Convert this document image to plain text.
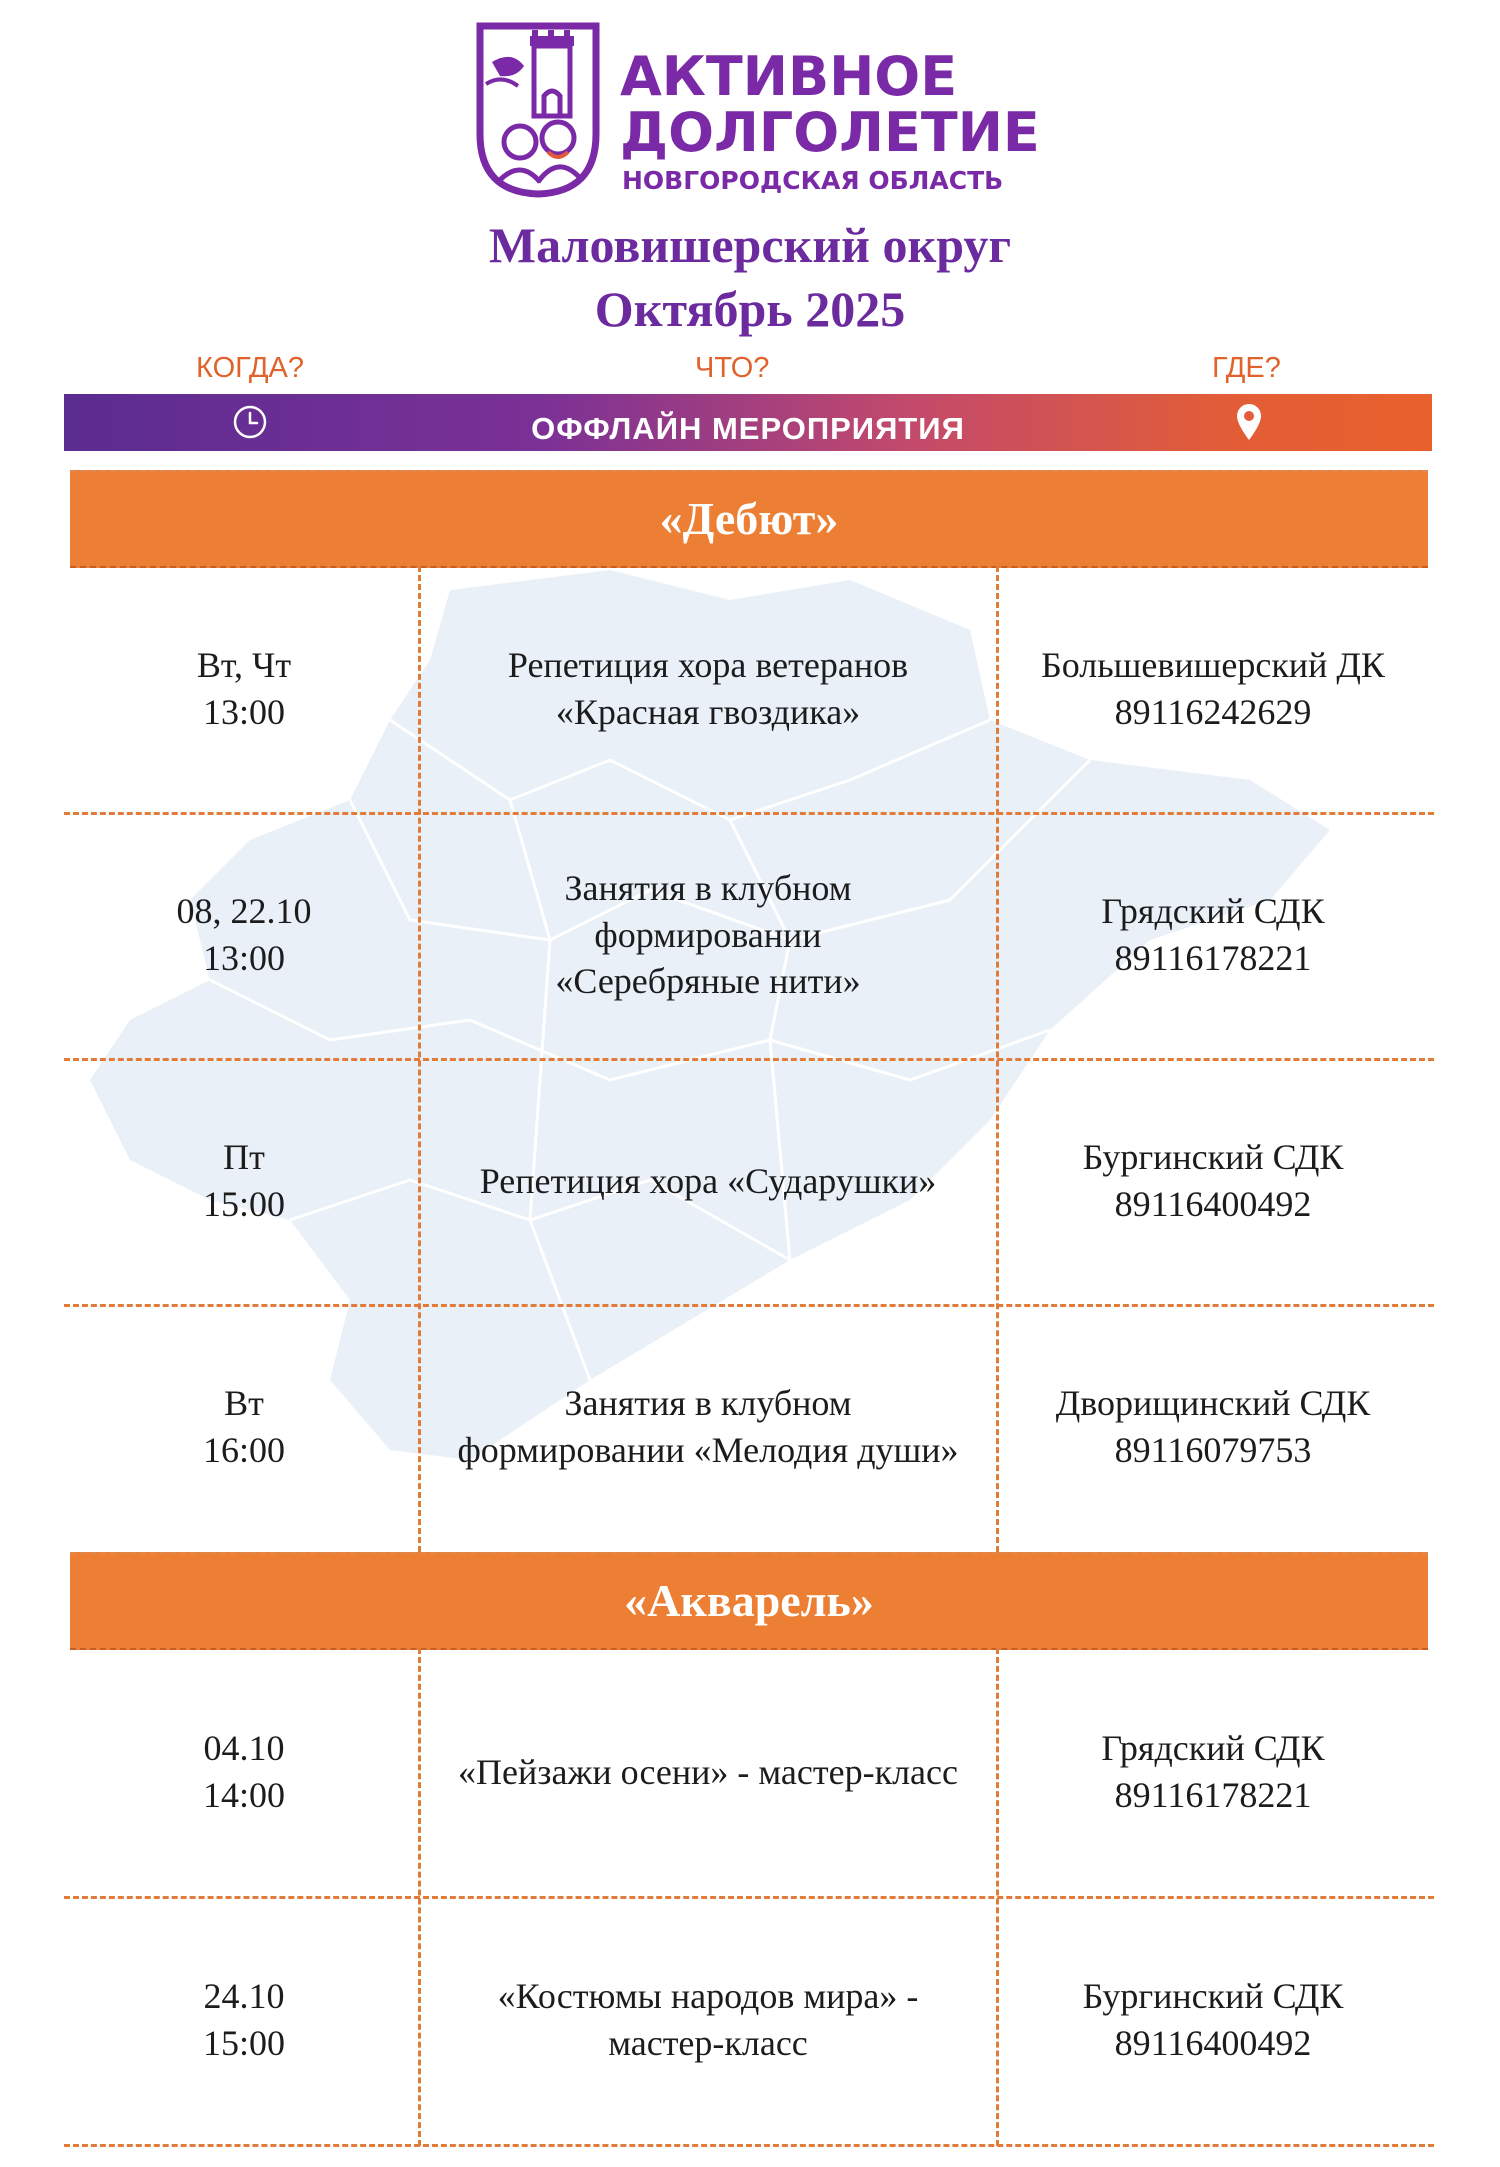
АКТИВНОЕ
ДОЛГОЛЕТИЕ
НОВГОРОДСКАЯ ОБЛАСТЬ
Маловишерский округ
Октябрь 2025
КОГДА?	ЧТО?	ГДЕ?
ОФФЛАЙН МЕРОПРИЯТИЯ
«Дебют»
Вт, Чт
13:00
Репетиция хора ветеранов
«Красная гвоздика»
Большевишерский ДК
89116242629
08, 22.10
13:00
Занятия в клубном
формировании
«Серебряные нити»
Грядский СДК
89116178221
Пт
15:00
Репетиция хора «Сударушки»
Бургинский СДК
89116400492
Вт
16:00
Занятия в клубном
формировании «Мелодия души»
Дворищинский СДК
89116079753
«Акварель»
04.10
14:00
«Пейзажи осени» - мастер-класс
Грядский СДК
89116178221
24.10
15:00
«Костюмы народов мира» -
мастер-класс
Бургинский СДК
89116400492
